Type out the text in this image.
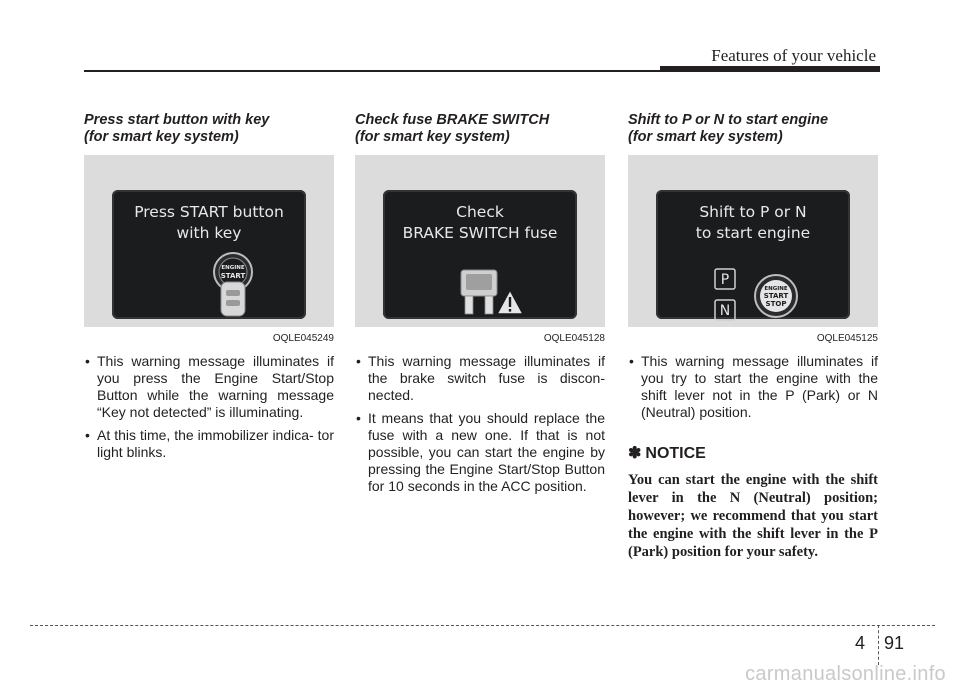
Features of your vehicle
Press start button with key
(for smart key system)
Press START button
with key
ENGINE
START
OQLE045249
• This warning message illuminates if you press the Engine Start/Stop Button while the warning message “Key not detected” is illuminating.
• At this time, the immobilizer indica- tor light blinks.
Check fuse BRAKE SWITCH
(for smart key system)
Check
BRAKE SWITCH fuse
OQLE045128
• This warning message illuminates if the brake switch fuse is discon- nected.
• It means that you should replace the fuse with a new one. If that is not possible, you can start the engine by pressing the Engine Start/Stop Button for 10 seconds in the ACC position.
Shift to P or N to start engine
(for smart key system)
Shift to P or N
to start engine
P
N
ENGINE
START
STOP
OQLE045125
• This warning message illuminates if you try to start the engine with the shift lever not in the P (Park) or N (Neutral) position.
✽ NOTICE
You can start the engine with the shift lever in the N (Neutral) position; however; we recommend that you start the engine with the shift lever in the P (Park) position for your safety.
4 91
carmanualsonline.info
